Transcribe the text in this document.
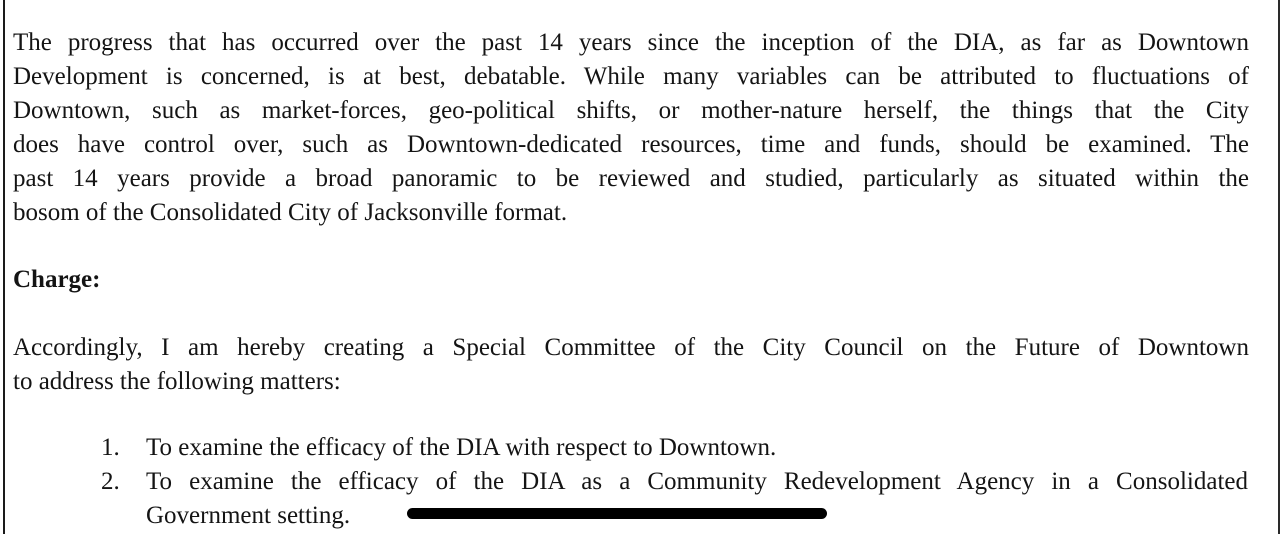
The progress that has occurred over the past 14 years since the inception of the DIA, as far as Downtown
Development is concerned, is at best, debatable. While many variables can be attributed to fluctuations of
Downtown, such as market-forces, geo-political shifts, or mother-nature herself, the things that the City
does have control over, such as Downtown-dedicated resources, time and funds, should be examined. The
past 14 years provide a broad panoramic to be reviewed and studied, particularly as situated within the
bosom of the Consolidated City of Jacksonville format.

Charge:

Accordingly, I am hereby creating a Special Committee of the City Council on the Future of Downtown
to address the following matters:

1. To examine the efficacy of the DIA with respect to Downtown.
2. To examine the efficacy of the DIA as a Community Redevelopment Agency in a Consolidated
Government setting.
